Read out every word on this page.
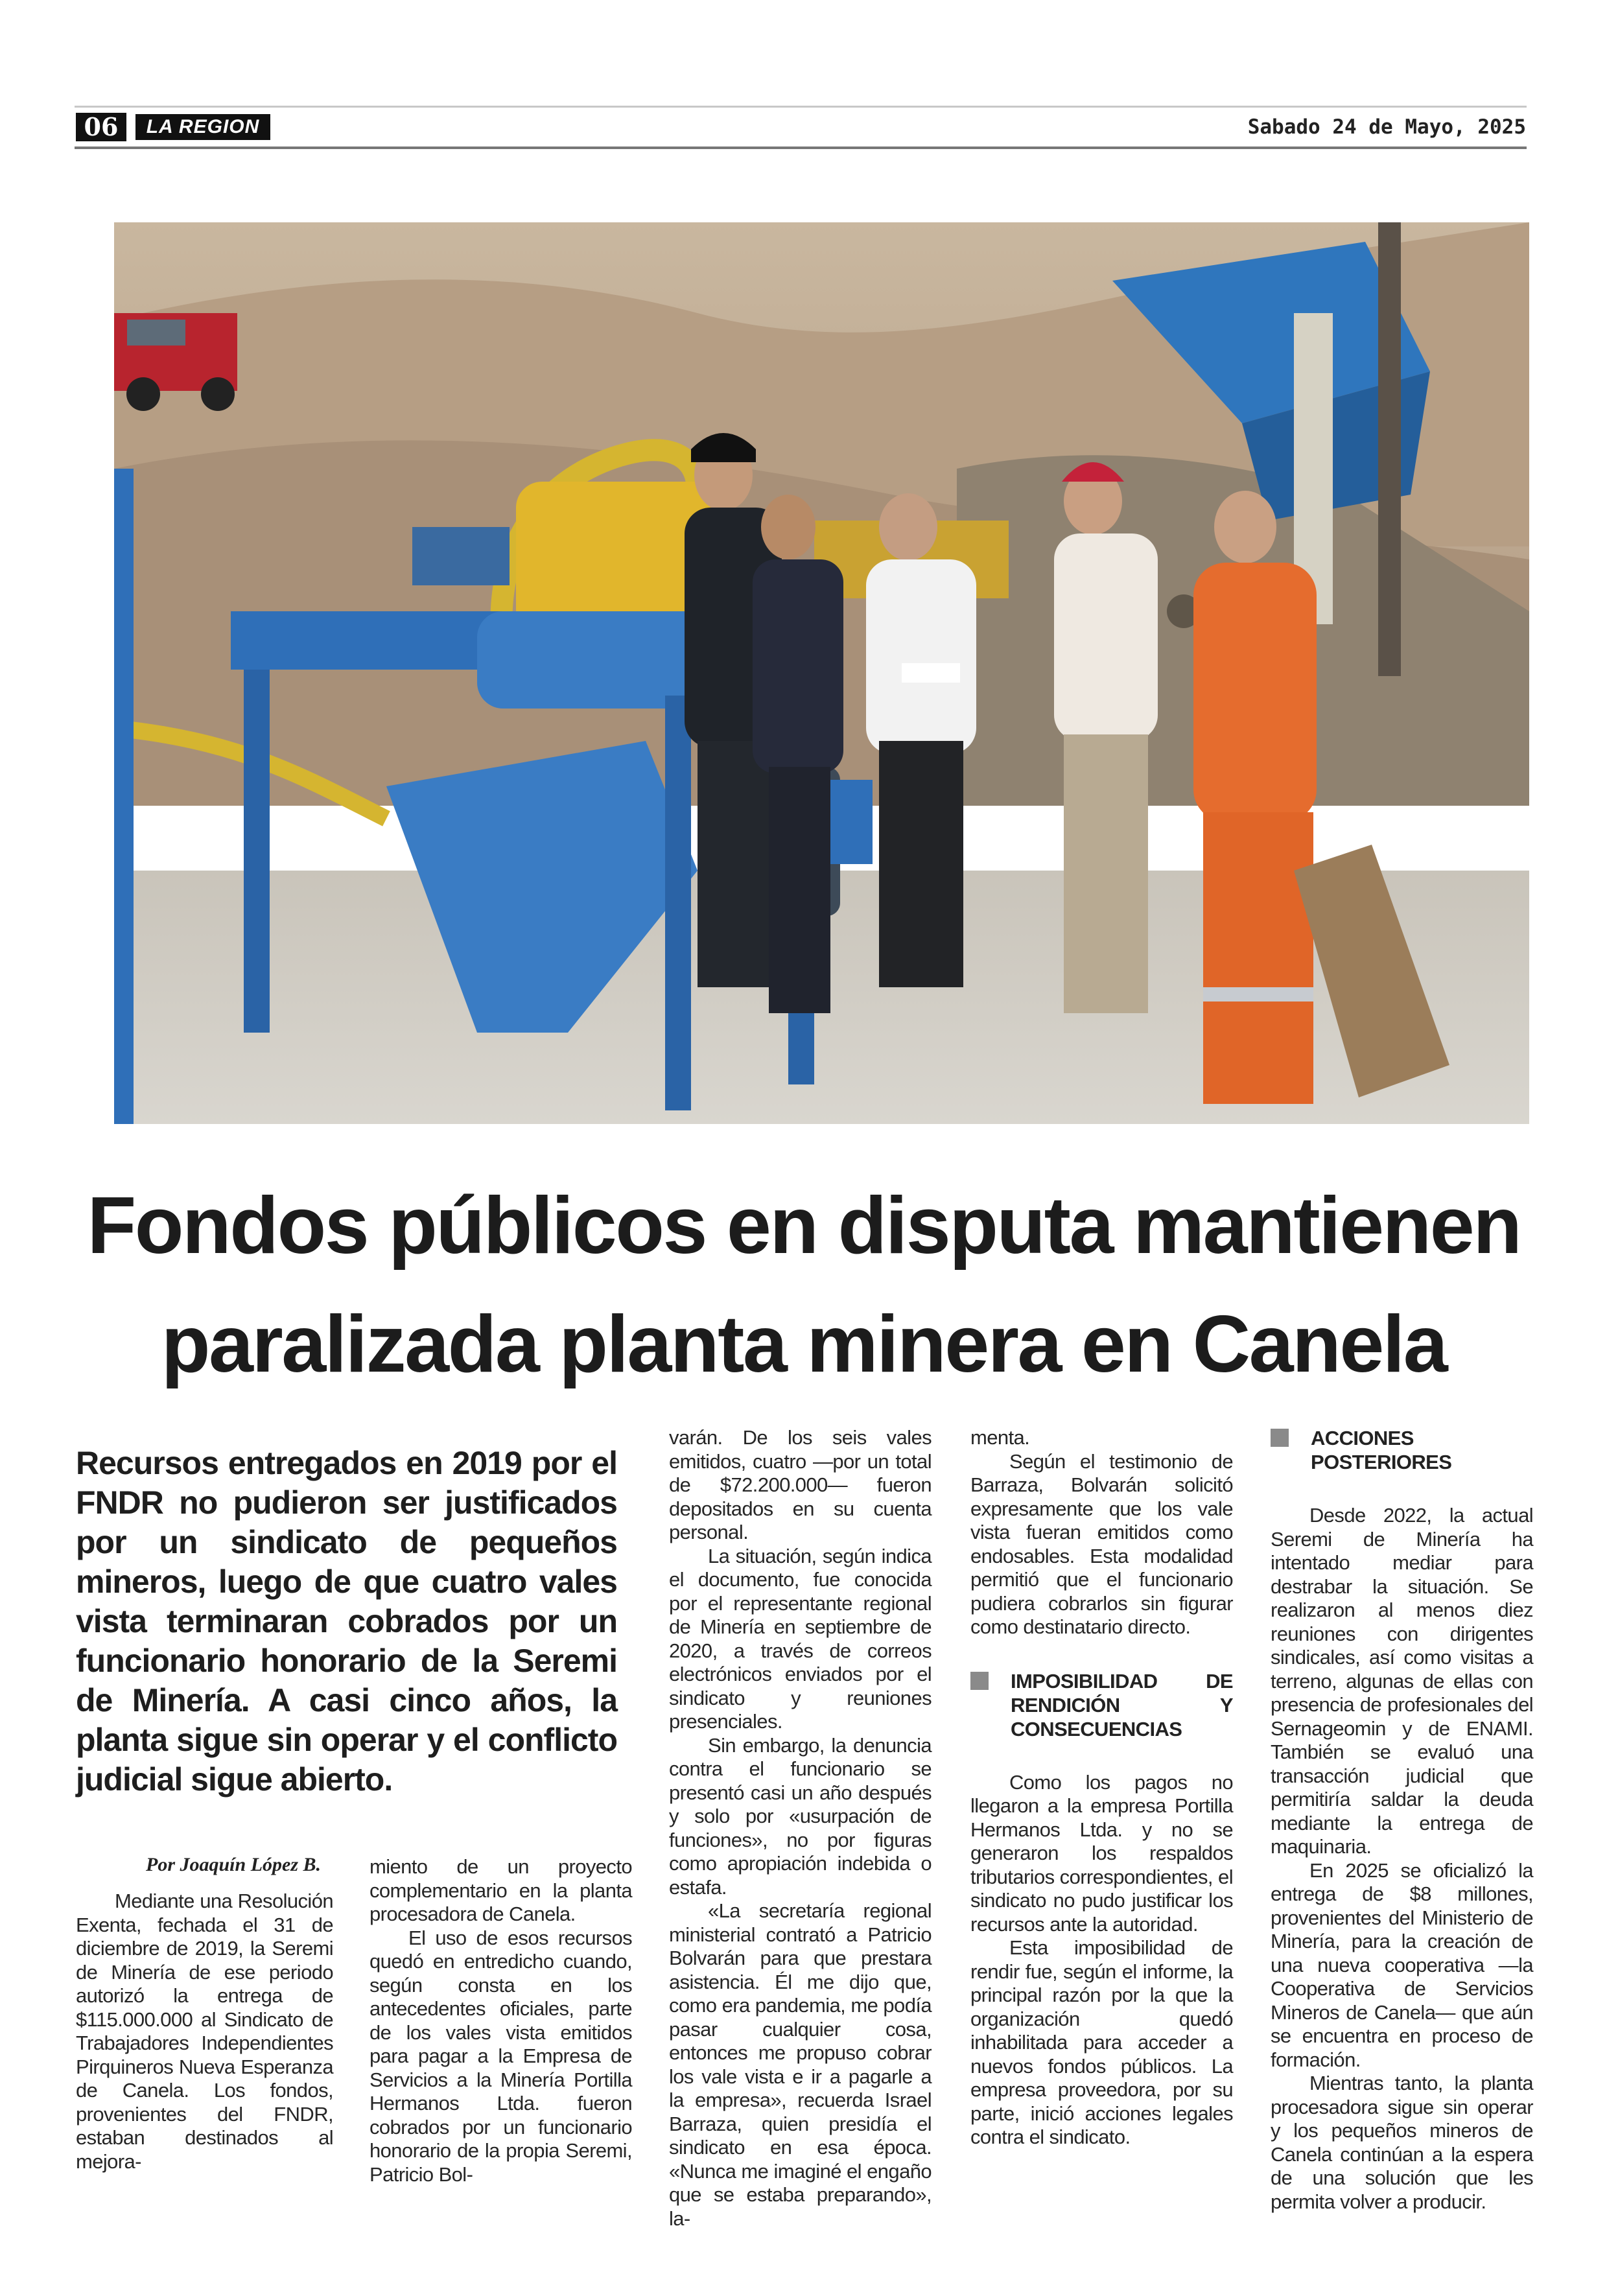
06	LA REGION	Sabado 24 de Mayo, 2025
Fondos públicos en disputa mantienen
paralizada planta minera en Canela
Recursos entregados en 2019 por el FNDR no pudieron ser justificados por un sindicato de pequeños mineros, luego de que cuatro vales vista terminaran cobrados por un funcionario honorario de la Seremi de Minería. A casi cinco años, la planta sigue sin operar y el conflicto judicial sigue abierto.
Por Joaquín López B.

Mediante una Resolución Exenta, fechada el 31 de diciembre de 2019, la Seremi de Minería de ese periodo autorizó la entrega de $115.000.000 al Sindicato de Trabajadores Independientes Pirquineros Nueva Esperanza de Canela. Los fondos, provenientes del FNDR, estaban destinados al mejora-

miento de un proyecto complementario en la planta procesadora de Canela.

El uso de esos recursos quedó en entredicho cuando, según consta en los antecedentes oficiales, parte de los vales vista emitidos para pagar a la Empresa de Servicios a la Minería Portilla Hermanos Ltda. fueron cobrados por un funcionario honorario de la propia Seremi, Patricio Bol-

varán. De los seis vales emitidos, cuatro —por un total de $72.200.000— fueron depositados en su cuenta personal.

La situación, según indica el documento, fue conocida por el representante regional de Minería en septiembre de 2020, a través de correos electrónicos enviados por el sindicato y reuniones presenciales.

Sin embargo, la denuncia contra el funcionario se presentó casi un año después y solo por «usurpación de funciones», no por figuras como apropiación indebida o estafa.

«La secretaría regional ministerial contrató a Patricio Bolvarán para que prestara asistencia. Él me dijo que, como era pandemia, me podía pasar cualquier cosa, entonces me propuso cobrar los vale vista e ir a pagarle a la empresa», recuerda Israel Barraza, quien presidía el sindicato en esa época. «Nunca me imaginé el engaño que se estaba preparando», la-

menta.

Según el testimonio de Barraza, Bolvarán solicitó expresamente que los vale vista fueran emitidos como endosables. Esta modalidad permitió que el funcionario pudiera cobrarlos sin figurar como destinatario directo.

IMPOSIBILIDAD DE RENDICIÓN Y CONSECUENCIAS

Como los pagos no llegaron a la empresa Portilla Hermanos Ltda. y no se generaron los respaldos tributarios correspondientes, el sindicato no pudo justificar los recursos ante la autoridad.

Esta imposibilidad de rendir fue, según el informe, la principal razón por la que la organización quedó inhabilitada para acceder a nuevos fondos públicos. La empresa proveedora, por su parte, inició acciones legales contra el sindicato.

ACCIONES POSTERIORES

Desde 2022, la actual Seremi de Minería ha intentado mediar para destrabar la situación. Se realizaron al menos diez reuniones con dirigentes sindicales, así como visitas a terreno, algunas de ellas con presencia de profesionales del Sernageomin y de ENAMI. También se evaluó una transacción judicial que permitiría saldar la deuda mediante la entrega de maquinaria.

En 2025 se oficializó la entrega de $8 millones, provenientes del Ministerio de Minería, para la creación de una nueva cooperativa —la Cooperativa de Servicios Mineros de Canela— que aún se encuentra en proceso de formación.

Mientras tanto, la planta procesadora sigue sin operar y los pequeños mineros de Canela continúan a la espera de una solución que les permita volver a producir.
